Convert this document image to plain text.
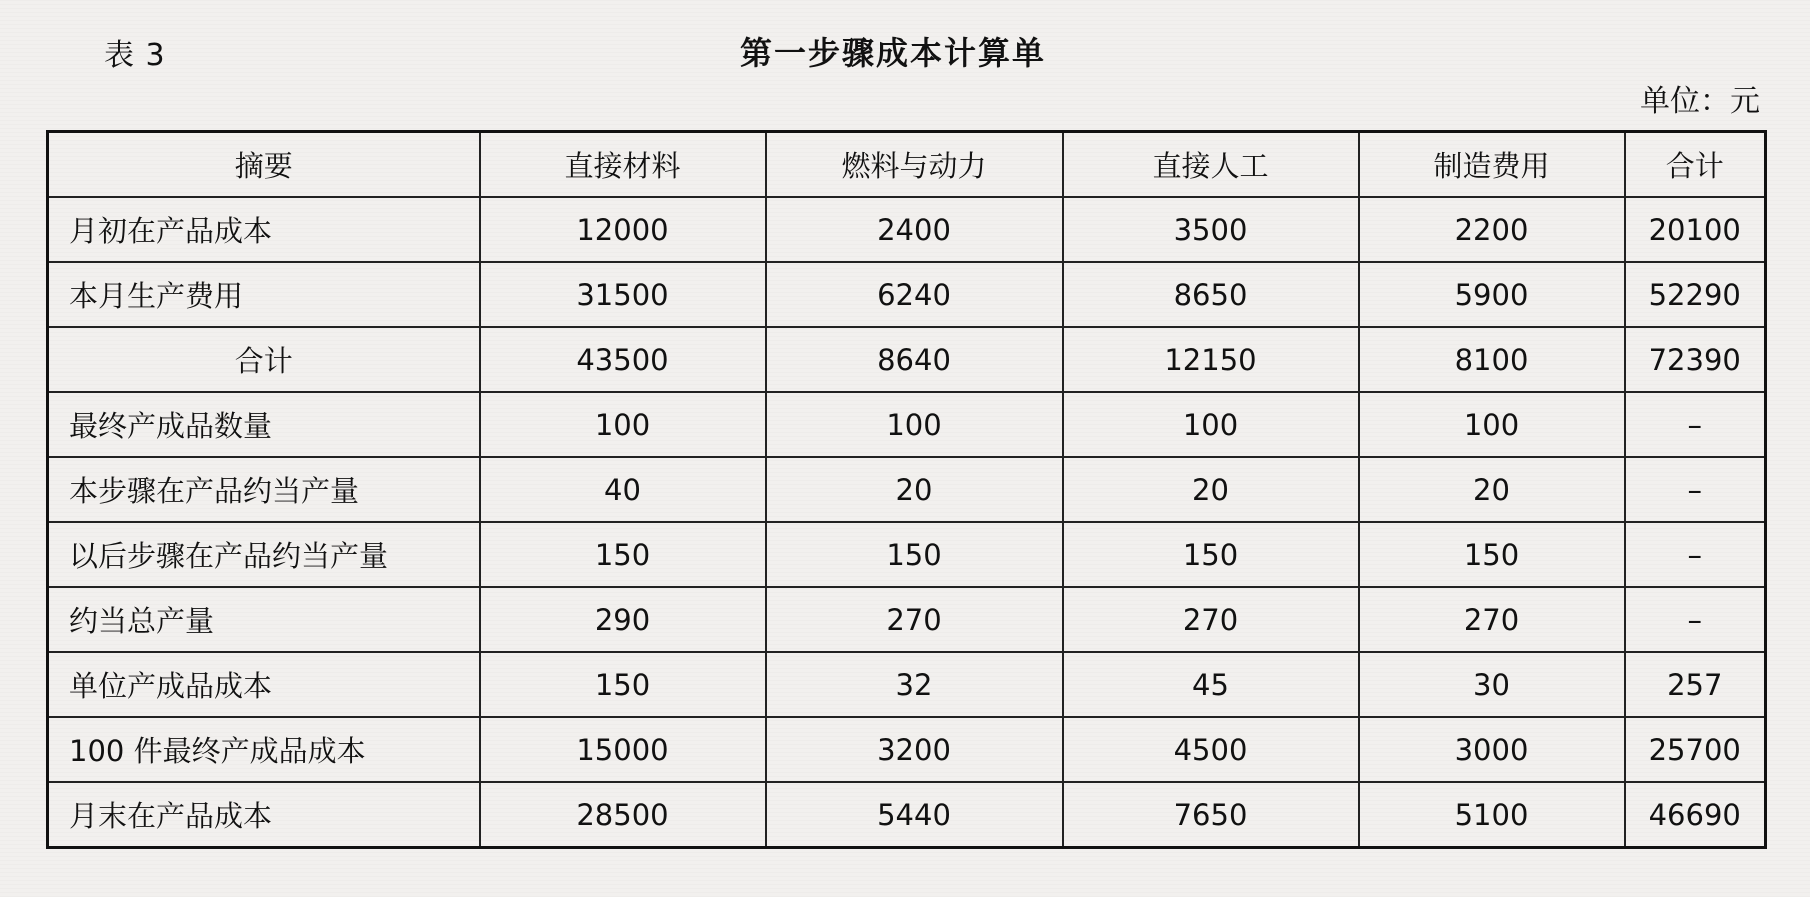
表 3	第一步骤成本计算单
单位：元
摘要	直接材料	燃料与动力	直接人工	制造费用	合计
月初在产品成本	12000	2400	3500	2200	20100
本月生产费用	31500	6240	8650	5900	52290
合计	43500	8640	12150	8100	72390
最终产成品数量	100	100	100	100	–
本步骤在产品约当产量	40	20	20	20	–
以后步骤在产品约当产量	150	150	150	150	–
约当总产量	290	270	270	270	–
单位产成品成本	150	32	45	30	257
100 件最终产成品成本	15000	3200	4500	3000	25700
月末在产品成本	28500	5440	7650	5100	46690
